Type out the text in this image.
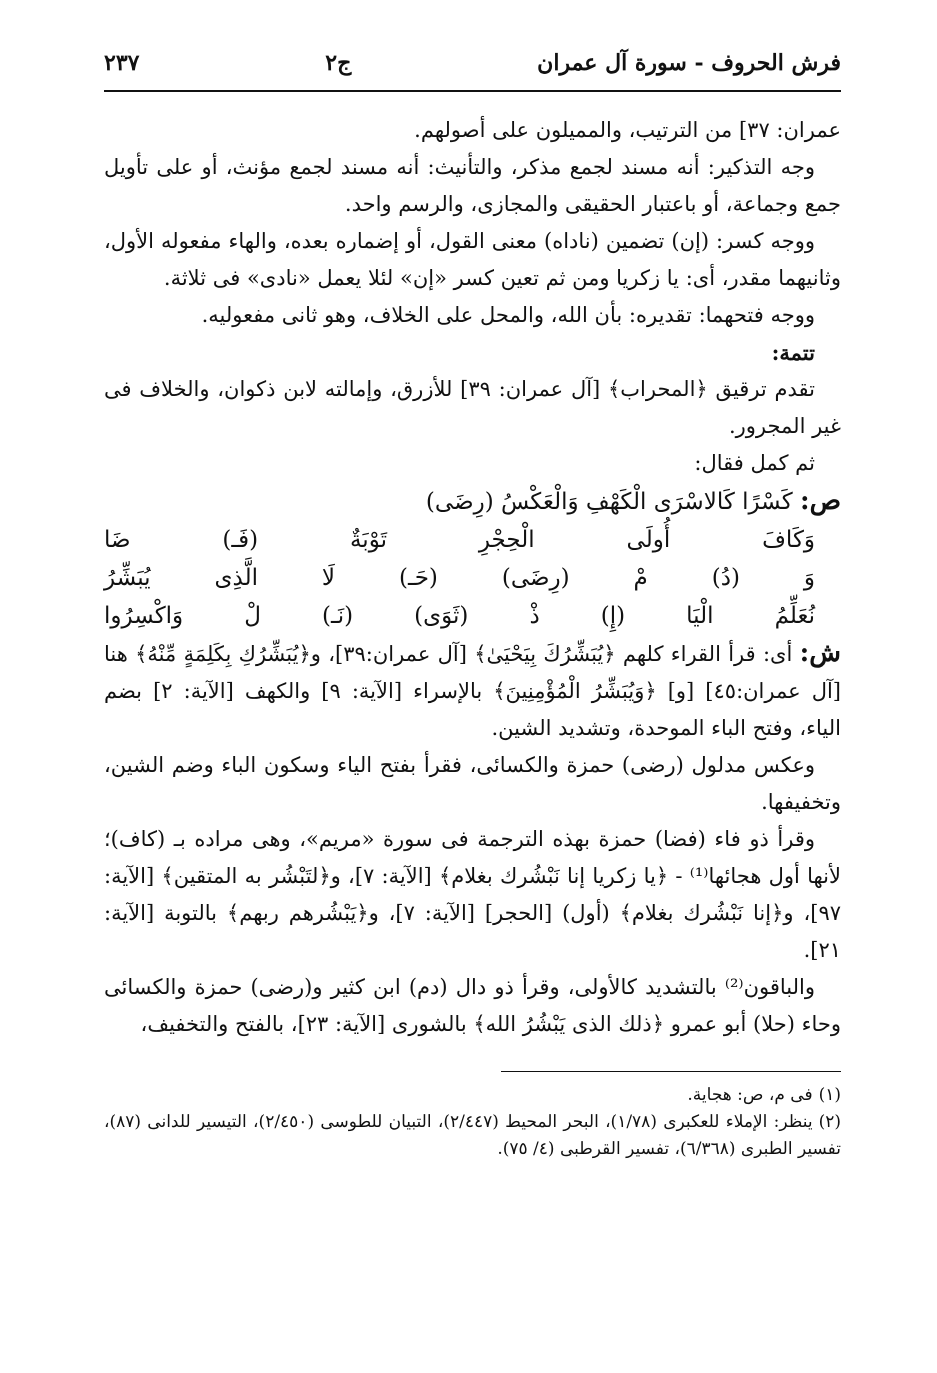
فرش الحروف - سورة آل عمران
ج٢
٢٣٧

عمران: ٣٧] من الترتيب، والمميلون على أصولهم.

وجه التذكير: أنه مسند لجمع مذكر، والتأنيث: أنه مسند لجمع مؤنث، أو على تأويل جمع وجماعة، أو باعتبار الحقيقى والمجازى، والرسم واحد.

ووجه كسر: (إن) تضمين (ناداه) معنى القول، أو إضماره بعده، والهاء مفعوله الأول، وثانيهما مقدر، أى: يا زكريا ومن ثم تعين كسر «إن» لئلا يعمل «نادى» فى ثلاثة.

ووجه فتحهما: تقديره: بأن الله، والمحل على الخلاف، وهو ثانى مفعوليه.

تتمة:

تقدم ترقيق ﴿المحراب﴾ [آل عمران: ٣٩] للأزرق، وإمالته لابن ذكوان، والخلاف فى غير المجرور.

ثم كمل فقال:

ص: كَسْرًا كَالاسْرَى الْكَهْفِ وَالْعَكْسُ (رِضَى)
وَكَافَ أُولَى الْحِجْرِ تَوْبَةٌ (فَـ) ضَا
وَ (دُ) مْ (رِضَى) (حَـ) لَا الَّذِى يُبَشِّرُ
نُعَلِّمُ الْيَا (إِ) ذْ (ثَوَى) (نَـ) لْ وَاكْسِرُوا

ش: أى: قرأ القراء كلهم ﴿يُبَشِّرُكَ بِيَحْيَىٰ﴾ [آل عمران:٣٩]، و﴿يُبَشِّرُكِ بِكَلِمَةٍ مِّنْهُ﴾ هنا [آل عمران:٤٥] [و] ﴿وَيُبَشِّرُ الْمُؤْمِنِينَ﴾ بالإسراء [الآية: ٩] والكهف [الآية: ٢] بضم الياء، وفتح الباء الموحدة، وتشديد الشين.

وعكس مدلول (رضى) حمزة والكسائى، فقرأ بفتح الياء وسكون الباء وضم الشين، وتخفيفها.

وقرأ ذو فاء (فضا) حمزة بهذه الترجمة فى سورة «مريم»، وهى مراده بـ (كاف)؛ لأنها أول هجائها⁽¹⁾ - ﴿يا زكريا إنا نَبْشُرك بغلام﴾ [الآية: ٧]، و﴿لتَبْشُر به المتقين﴾ [الآية: ٩٧]، و﴿إنا نَبْشُرك بغلام﴾ (أول) [الحجر] [الآية: ٧]، و﴿يَبْشُرهم ربهم﴾ بالتوبة [الآية: ٢١].

والباقون⁽²⁾ بالتشديد كالأولى، وقرأ ذو دال (دم) ابن كثير و(رضى) حمزة والكسائى وحاء (حلا) أبو عمرو ﴿ذلك الذى يَبْشُرُ الله﴾ بالشورى [الآية: ٢٣]، بالفتح والتخفيف،

(١)فى م، ص: هجاية.

(٢)ينظر: الإملاء للعكبرى (١/٧٨)، البحر المحيط (٢/٤٤٧)، التبيان للطوسى (٢/٤٥٠)، التيسير للدانى (٨٧)، تفسير الطبرى (٦/٣٦٨)، تفسير القرطبى (٤/ ٧٥).
